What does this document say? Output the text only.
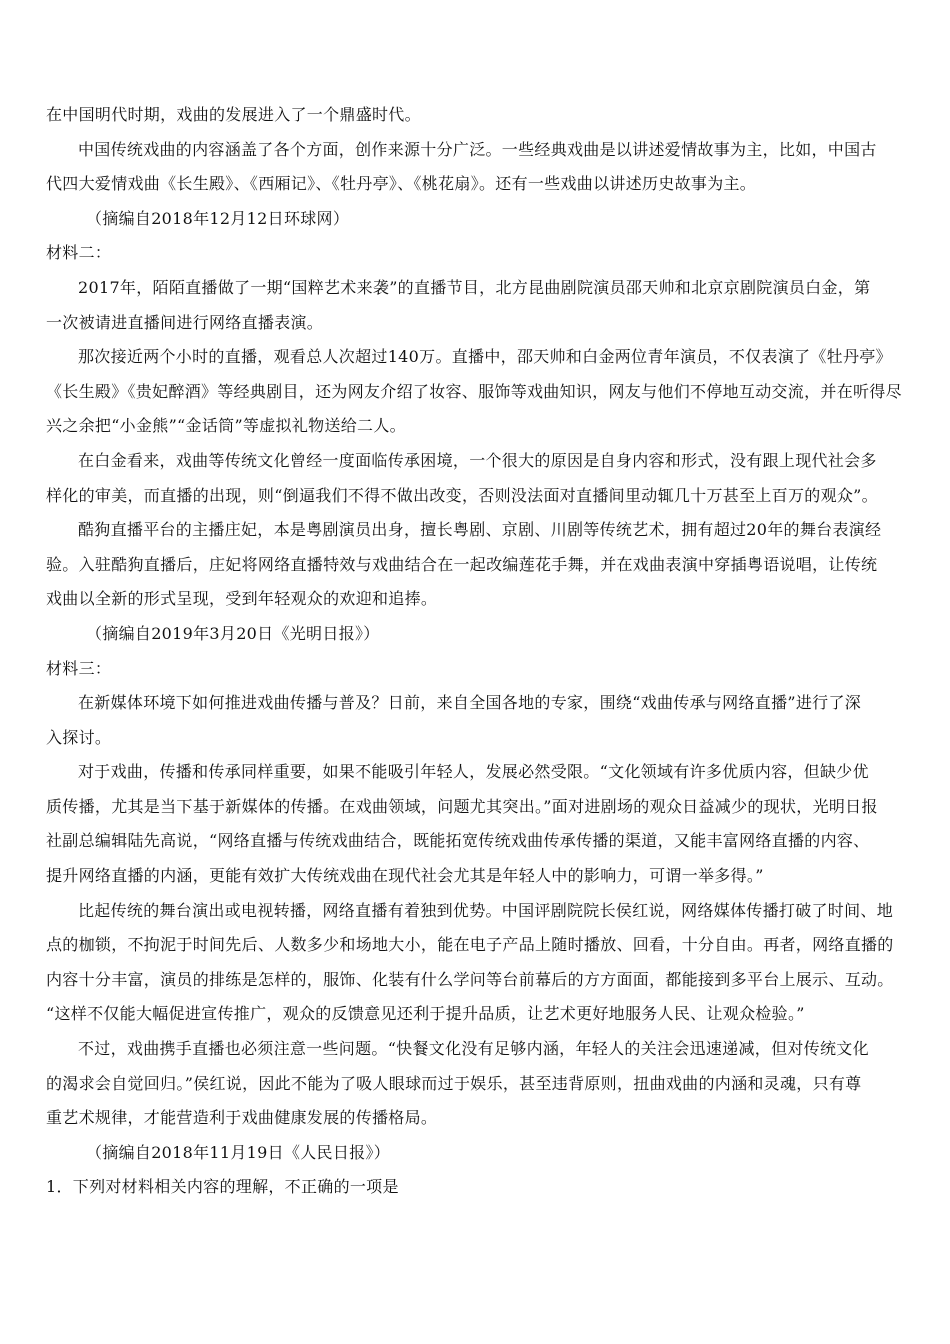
在中国明代时期，戏曲的发展进入了一个鼎盛时代。

中国传统戏曲的内容涵盖了各个方面，创作来源十分广泛。一些经典戏曲是以讲述爱情故事为主，比如，中国古

代四大爱情戏曲《长生殿》、《西厢记》、《牡丹亭》、《桃花扇》。还有一些戏曲以讲述历史故事为主。

（摘编自2018年12月12日环球网）

材料二：

2017年，陌陌直播做了一期“国粹艺术来袭”的直播节目，北方昆曲剧院演员邵天帅和北京京剧院演员白金，第

一次被请进直播间进行网络直播表演。

那次接近两个小时的直播，观看总人次超过140万。直播中，邵天帅和白金两位青年演员，不仅表演了《牡丹亭》

《长生殿》《贵妃醉酒》等经典剧目，还为网友介绍了妆容、服饰等戏曲知识，网友与他们不停地互动交流，并在听得尽

兴之余把“小金熊”“金话筒”等虚拟礼物送给二人。

在白金看来，戏曲等传统文化曾经一度面临传承困境，一个很大的原因是自身内容和形式，没有跟上现代社会多

样化的审美，而直播的出现，则“倒逼我们不得不做出改变，否则没法面对直播间里动辄几十万甚至上百万的观众”。

酷狗直播平台的主播庄妃，本是粤剧演员出身，擅长粤剧、京剧、川剧等传统艺术，拥有超过20年的舞台表演经

验。入驻酷狗直播后，庄妃将网络直播特效与戏曲结合在一起改编莲花手舞，并在戏曲表演中穿插粤语说唱，让传统

戏曲以全新的形式呈现，受到年轻观众的欢迎和追捧。

（摘编自2019年3月20日《光明日报》）

材料三：

在新媒体环境下如何推进戏曲传播与普及？日前，来自全国各地的专家，围绕“戏曲传承与网络直播”进行了深

入探讨。

对于戏曲，传播和传承同样重要，如果不能吸引年轻人，发展必然受限。“文化领域有许多优质内容，但缺少优

质传播，尤其是当下基于新媒体的传播。在戏曲领域，问题尤其突出。”面对进剧场的观众日益减少的现状，光明日报

社副总编辑陆先高说，“网络直播与传统戏曲结合，既能拓宽传统戏曲传承传播的渠道，又能丰富网络直播的内容、

提升网络直播的内涵，更能有效扩大传统戏曲在现代社会尤其是年轻人中的影响力，可谓一举多得。”

比起传统的舞台演出或电视转播，网络直播有着独到优势。中国评剧院院长侯红说，网络媒体传播打破了时间、地

点的枷锁，不拘泥于时间先后、人数多少和场地大小，能在电子产品上随时播放、回看，十分自由。再者，网络直播的

内容十分丰富，演员的排练是怎样的，服饰、化装有什么学问等台前幕后的方方面面，都能接到多平台上展示、互动。

“这样不仅能大幅促进宣传推广，观众的反馈意见还利于提升品质，让艺术更好地服务人民、让观众检验。”

不过，戏曲携手直播也必须注意一些问题。“快餐文化没有足够内涵，年轻人的关注会迅速递减，但对传统文化

的渴求会自觉回归。”侯红说，因此不能为了吸人眼球而过于娱乐，甚至违背原则，扭曲戏曲的内涵和灵魂，只有尊

重艺术规律，才能营造利于戏曲健康发展的传播格局。

（摘编自2018年11月19日《人民日报》）

1．下列对材料相关内容的理解，不正确的一项是
